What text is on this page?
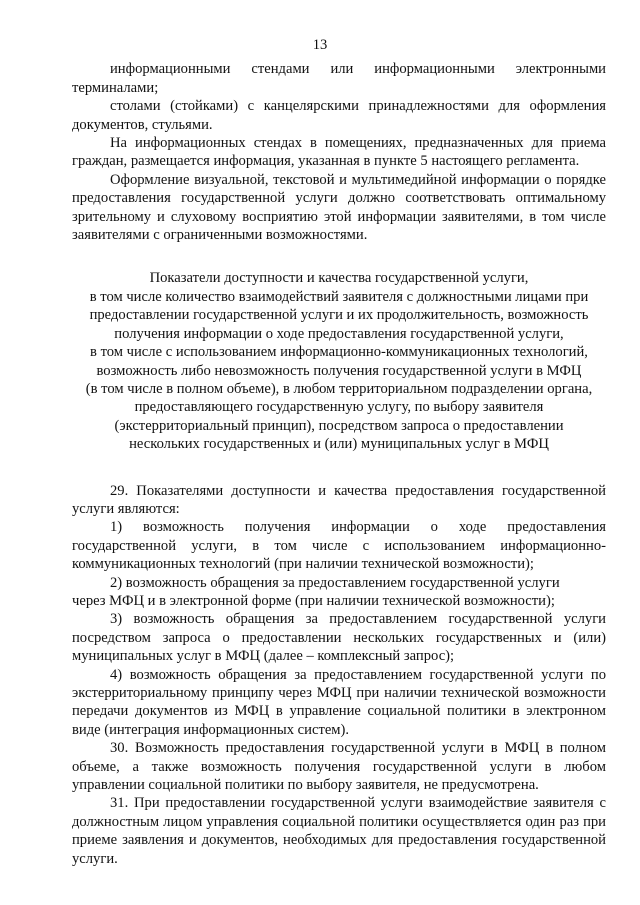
13

информационными стендами или информационными электронными терминалами;

столами (стойками) с канцелярскими принадлежностями для оформления документов, стульями.

На информационных стендах в помещениях, предназначенных для приема граждан, размещается информация, указанная в пункте 5 настоящего регламента.

Оформление визуальной, текстовой и мультимедийной информации о порядке предоставления государственной услуги должно соответствовать оптимальному зрительному и слуховому восприятию этой информации заявителями, в том числе заявителями с ограниченными возможностями.

Показатели доступности и качества государственной услуги,
в том числе количество взаимодействий заявителя с должностными лицами при
предоставлении государственной услуги и их продолжительность, возможность
получения информации о ходе предоставления государственной услуги,
в том числе с использованием информационно-коммуникационных технологий,
возможность либо невозможность получения государственной услуги в МФЦ
(в том числе в полном объеме), в любом территориальном подразделении органа,
предоставляющего государственную услугу, по выбору заявителя
(экстерриториальный принцип), посредством запроса о предоставлении
нескольких государственных и (или) муниципальных услуг в МФЦ

29. Показателями доступности и качества предоставления государственной услуги являются:

1) возможность получения информации о ходе предоставления государственной услуги, в том числе с использованием информационно-коммуникационных технологий (при наличии технической возможности);

2) возможность обращения за предоставлением государственной услуги

через МФЦ и в электронной форме (при наличии технической возможности);

3) возможность обращения за предоставлением государственной услуги посредством запроса о предоставлении нескольких государственных и (или) муниципальных услуг в МФЦ (далее – комплексный запрос);

4) возможность обращения за предоставлением государственной услуги по экстерриториальному принципу через МФЦ при наличии технической возможности передачи документов из МФЦ в управление социальной политики в электронном виде (интеграция информационных систем).

30. Возможность предоставления государственной услуги в МФЦ в полном объеме, а также возможность получения государственной услуги в любом управлении социальной политики по выбору заявителя, не предусмотрена.

31. При предоставлении государственной услуги взаимодействие заявителя с должностным лицом управления социальной политики осуществляется один раз при приеме заявления и документов, необходимых для предоставления государственной услуги.
